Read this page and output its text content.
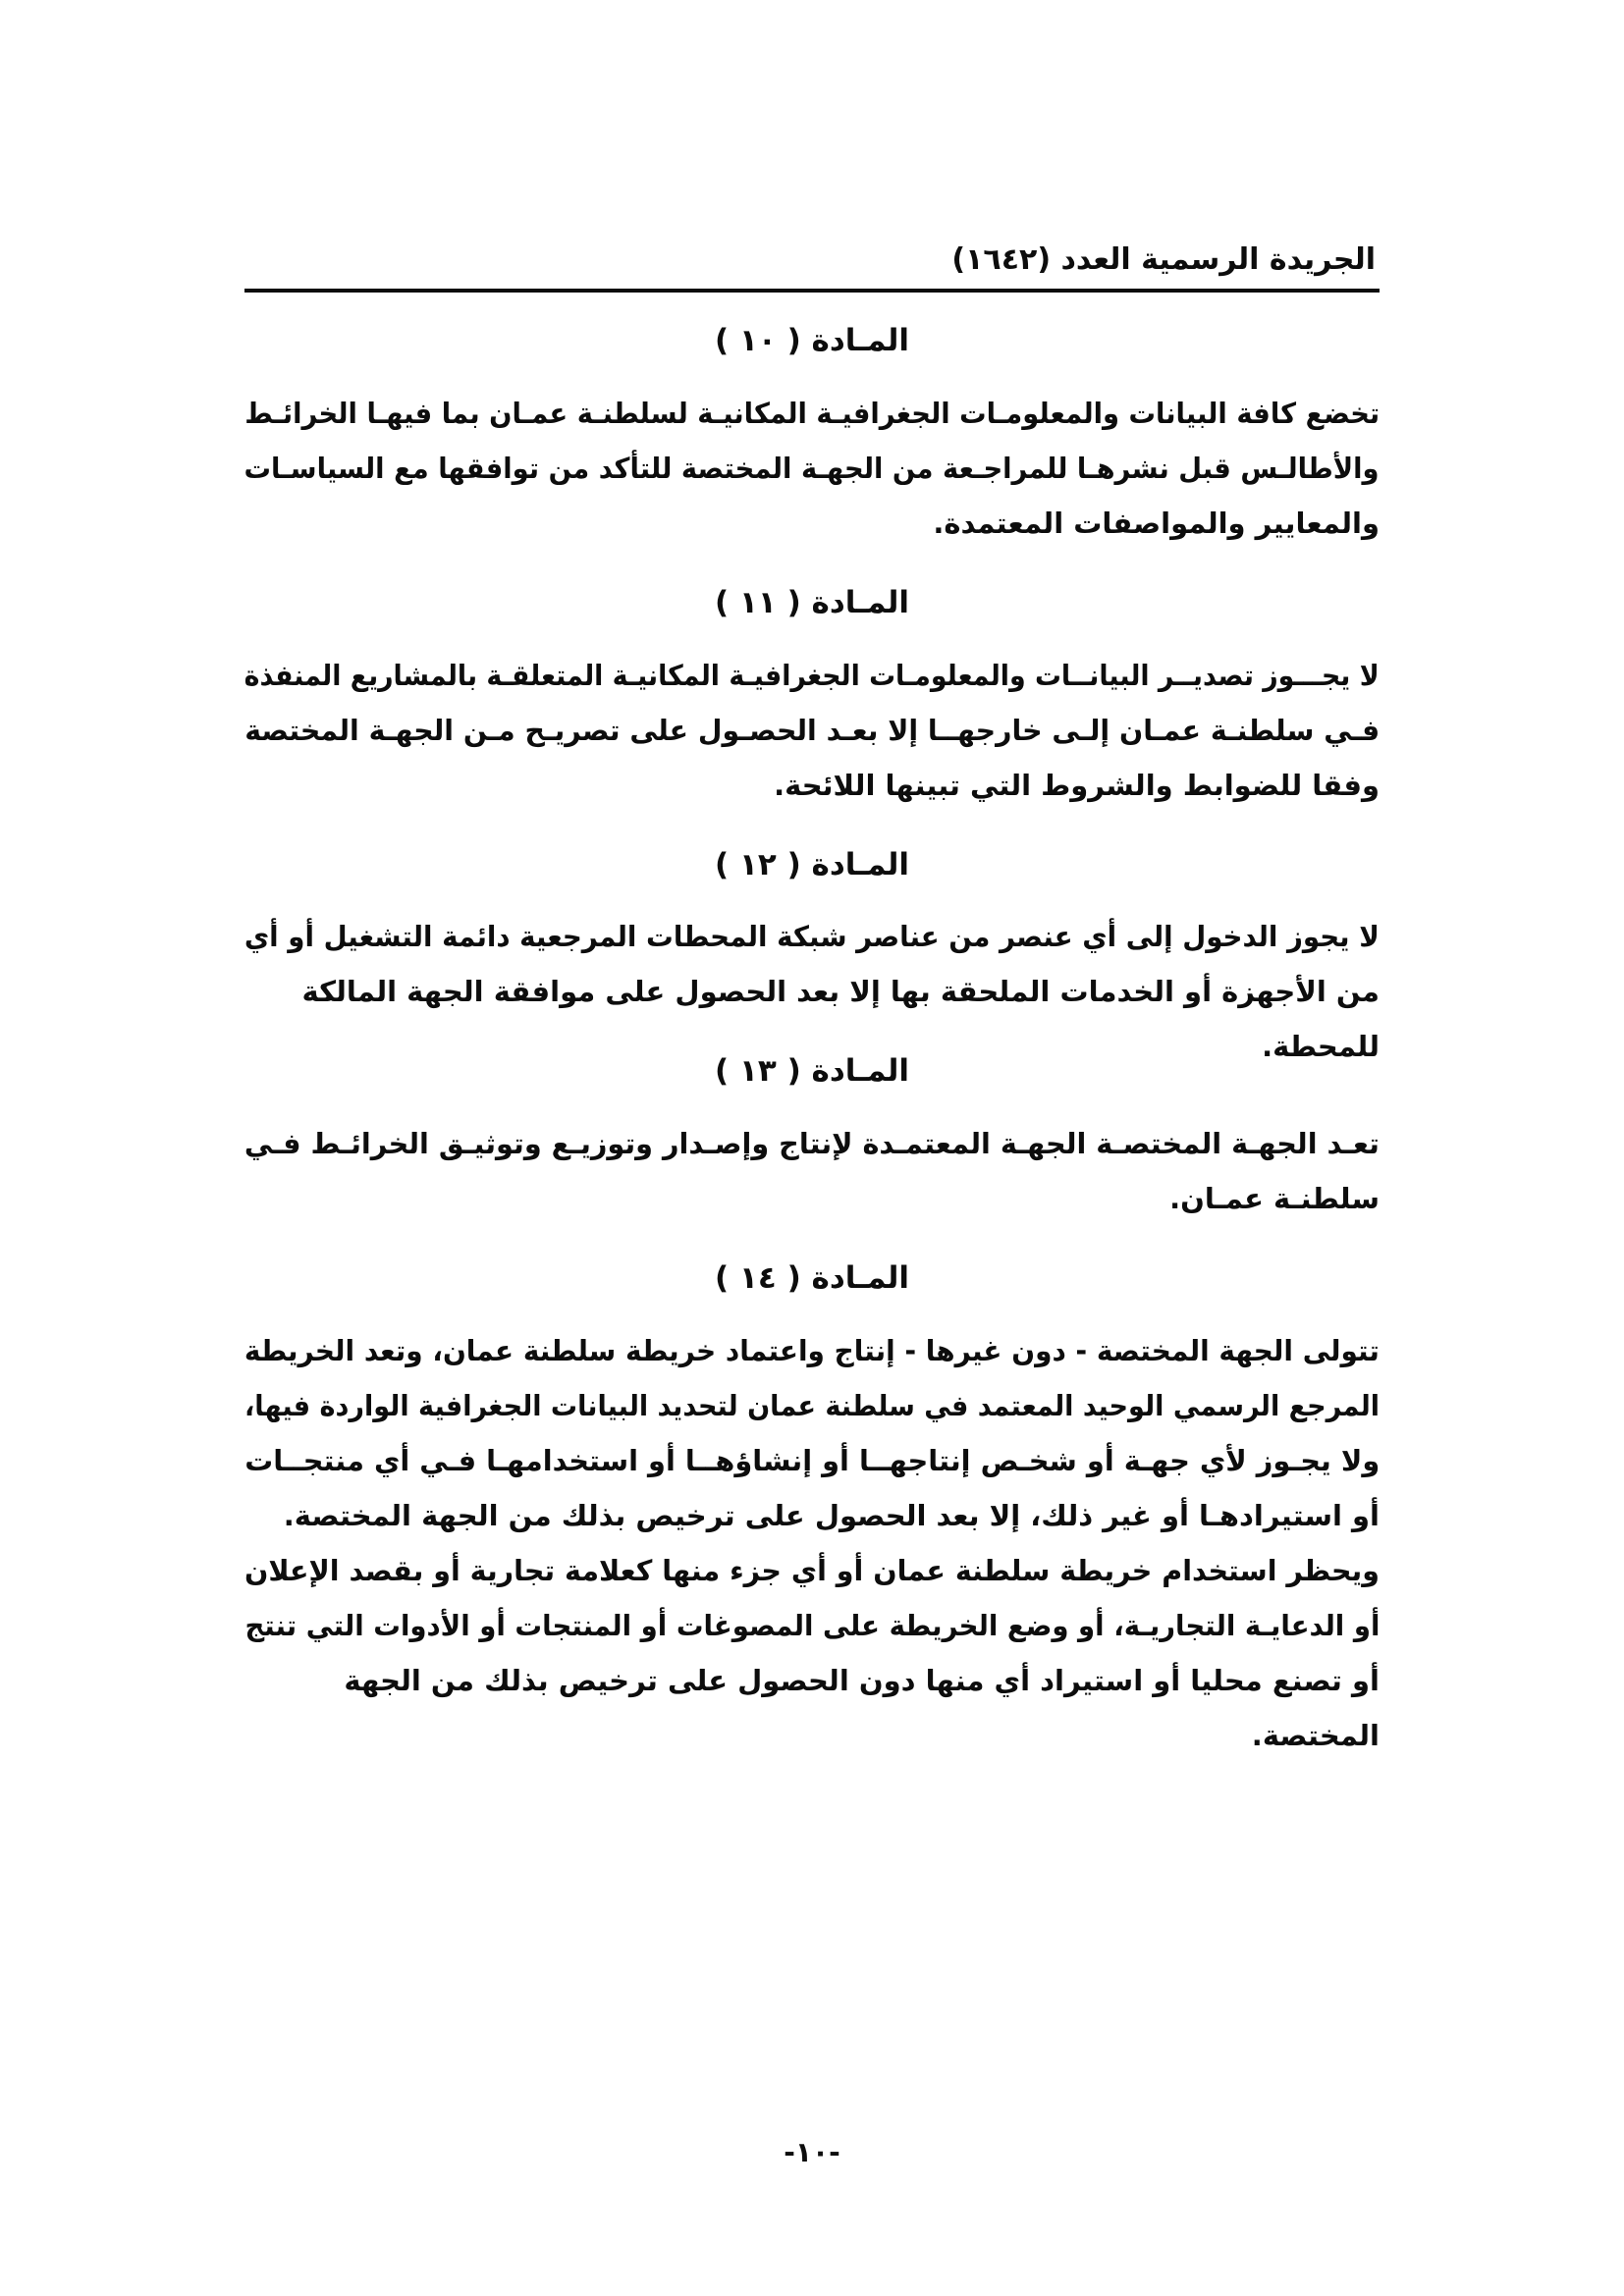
الجريدة الرسمية العدد (١٦٤٢)
المـادة ( ١٠ )

تخضع كافة البيانات والمعلومـات الجغرافيـة المكانيـة لسلطنـة عمـان بما فيهـا الخرائـط والأطالـس قبل نشرهـا للمراجـعة من الجهـة المختصة للتأكد من توافقها مع السياسـات
والمعايير والمواصفات المعتمدة.

المـادة ( ١١ )

لا يجـــوز تصديــر البيانــات والمعلومـات الجغرافيـة المكانيـة المتعلقـة بالمشاريع المنفذة فـي سلطنـة عمـان إلـى خارجهــا إلا بعـد الحصـول على تصريـح مـن الجهـة المختصة
وفقا للضوابط والشروط التي تبينها اللائحة.

المـادة ( ١٢ )

لا يجوز الدخول إلى أي عنصر من عناصر شبكة المحطات المرجعية دائمة التشغيل أو أي
من الأجهزة أو الخدمات الملحقة بها إلا بعد الحصول على موافقة الجهة المالكة للمحطة.

المـادة ( ١٣ )

تعـد الجهـة المختصـة الجهـة المعتمـدة لإنتاج وإصـدار وتوزيـع وتوثيـق الخرائـط فـي
سلطنـة عمـان.

المـادة ( ١٤ )

تتولى الجهة المختصة - دون غيرها - إنتاج واعتماد خريطة سلطنة عمان، وتعد الخريطة المرجع الرسمي الوحيد المعتمد في سلطنة عمان لتحديد البيانات الجغرافية الواردة فيها، ولا يجـوز لأي جهـة أو شخـص إنتاجهــا أو إنشاؤهــا أو استخدامهـا فـي أي منتجــات
أو استيرادهـا أو غير ذلك، إلا بعد الحصول على ترخيص بذلك من الجهة المختصة.

ويحظر استخدام خريطة سلطنة عمان أو أي جزء منها كعلامة تجارية أو بقصد الإعلان أو الدعايـة التجاريـة، أو وضع الخريطة على المصوغات أو المنتجات أو الأدوات التي تنتج
أو تصنع محليا أو استيراد أي منها دون الحصول على ترخيص بذلك من الجهة المختصة.

-١٠-
